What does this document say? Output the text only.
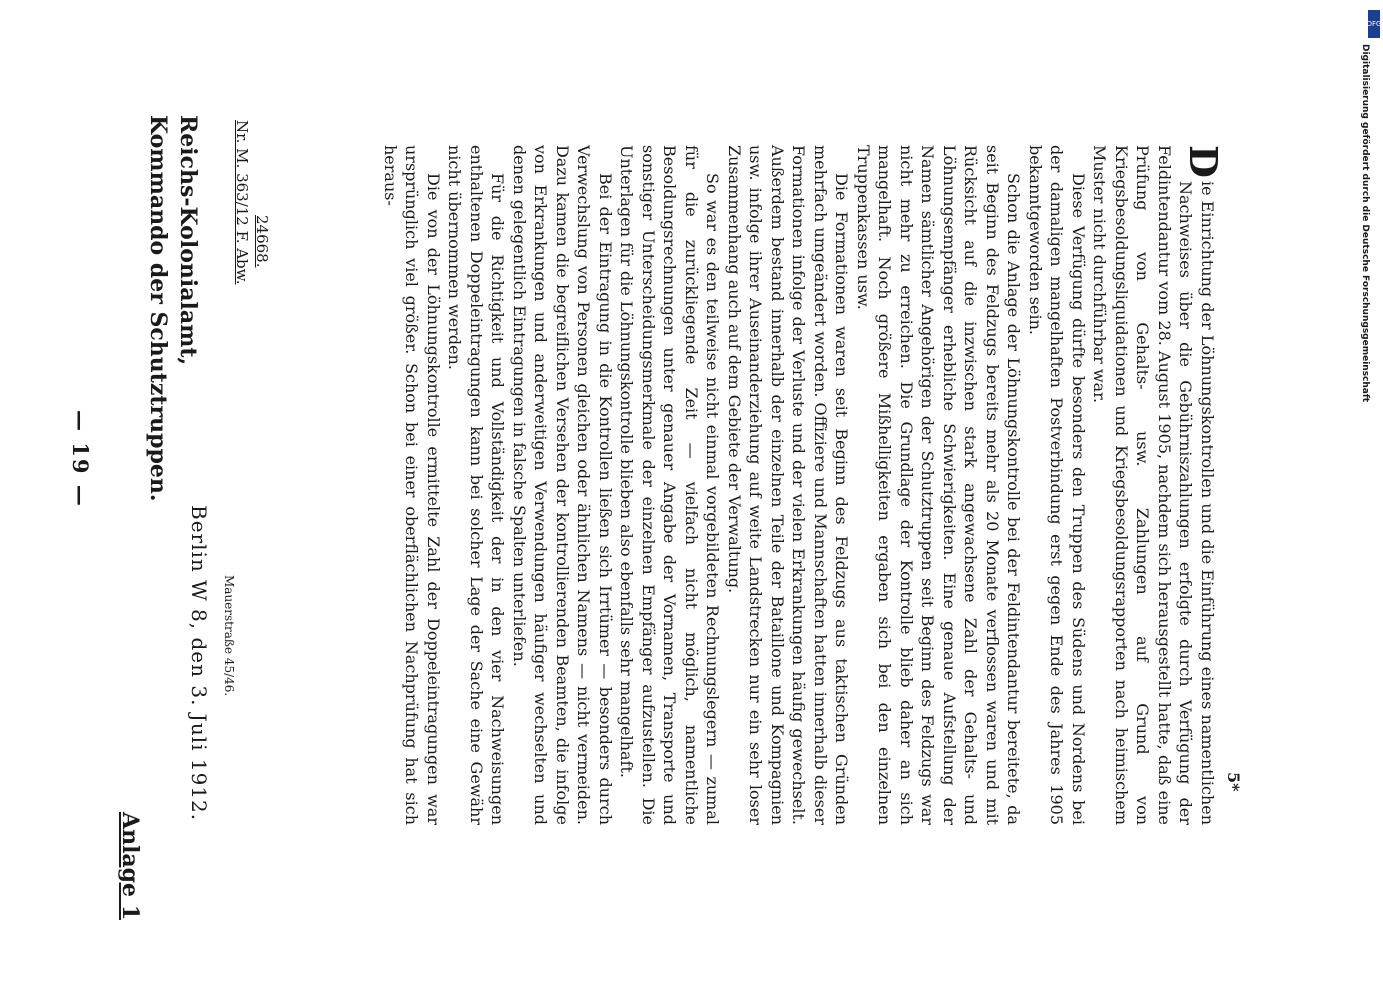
— 19 —
Anlage 1
Reichs-Kolonialamt,
Kommando der Schutztruppen.	Nr. M. 363/12 F. Abw. 24668.
Berlin W 8, den 3. Juli 1912. Mauerstraße 45/46.

D
ie Einrichtung der Löhnungskontrollen und die Einführung eines namentlichen Nachweises über die Gebührniszahlungen erfolgte durch Verfügung der Feldintendantur vom 28. August 1905, nachdem sich herausgestellt hatte, daß eine Prüfung von Gehalts- usw. Zahlungen auf Grund von Kriegsbesoldungsliquidationen und Kriegsbesoldungsrapporten nach heimischem Muster nicht durchführbar war.

Diese Verfügung dürfte besonders den Truppen des Südens und Nordens bei der damaligen mangelhaften Postverbindung erst gegen Ende des Jahres 1905 bekanntgeworden sein.

Schon die Anlage der Löhnungskontrolle bei der Feldintendantur bereitete, da seit Beginn des Feldzugs bereits mehr als 20 Monate verflossen waren und mit Rücksicht auf die inzwischen stark angewachsene Zahl der Gehalts- und Löhnungsempfänger erhebliche Schwierigkeiten. Eine genaue Aufstellung der Namen sämtlicher Angehörigen der Schutztruppen seit Beginn des Feldzugs war nicht mehr zu erreichen. Die Grundlage der Kontrolle blieb daher an sich mangelhaft. Noch größere Mißhelligkeiten ergaben sich bei den einzelnen Truppenkassen usw.

Die Formationen waren seit Beginn des Feldzugs aus taktischen Gründen mehrfach umgeändert worden. Offiziere und Mannschaften hatten innerhalb dieser Formationen infolge der Verluste und der vielen Erkrankungen häufig gewechselt. Außerdem bestand innerhalb der einzelnen Teile der Bataillone und Kompagnien usw. infolge ihrer Auseinanderziehung auf weite Landstrecken nur ein sehr loser Zusammenhang auch auf dem Gebiete der Verwaltung.

So war es den teilweise nicht einmal vorgebildeten Rechnungslegern — zumal für die zurückliegende Zeit — vielfach nicht möglich, namentliche Besoldungsrechnungen unter genauer Angabe der Vornamen, Transporte und sonstiger Unterscheidungsmerkmale der einzelnen Empfänger aufzustellen. Die Unterlagen für die Löhnungskontrolle blieben also ebenfalls sehr mangelhaft.

Bei der Eintragung in die Kontrollen ließen sich Irrtümer — besonders durch Verwechslung von Personen gleichen oder ähnlichen Namens — nicht vermeiden. Dazu kamen die begreiflichen Versehen der kontrollierenden Beamten, die infolge von Erkrankungen und anderweitigen Verwendungen häufiger wechselten und denen gelegentlich Eintragungen in falsche Spalten unterliefen.

Für die Richtigkeit und Vollständigkeit der in den vier Nachweisungen enthaltenen Doppeleintragungen kann bei solcher Lage der Sache eine Gewähr nicht übernommen werden.

Die von der Löhnungskontrolle ermittelte Zahl der Doppeleintragungen war ursprünglich viel größer. Schon bei einer oberflächlichen Nachprüfung hat sich heraus-

5*
DFG
Digitalisierung gefördert durch die Deutsche Forschungsgemeinschaft
